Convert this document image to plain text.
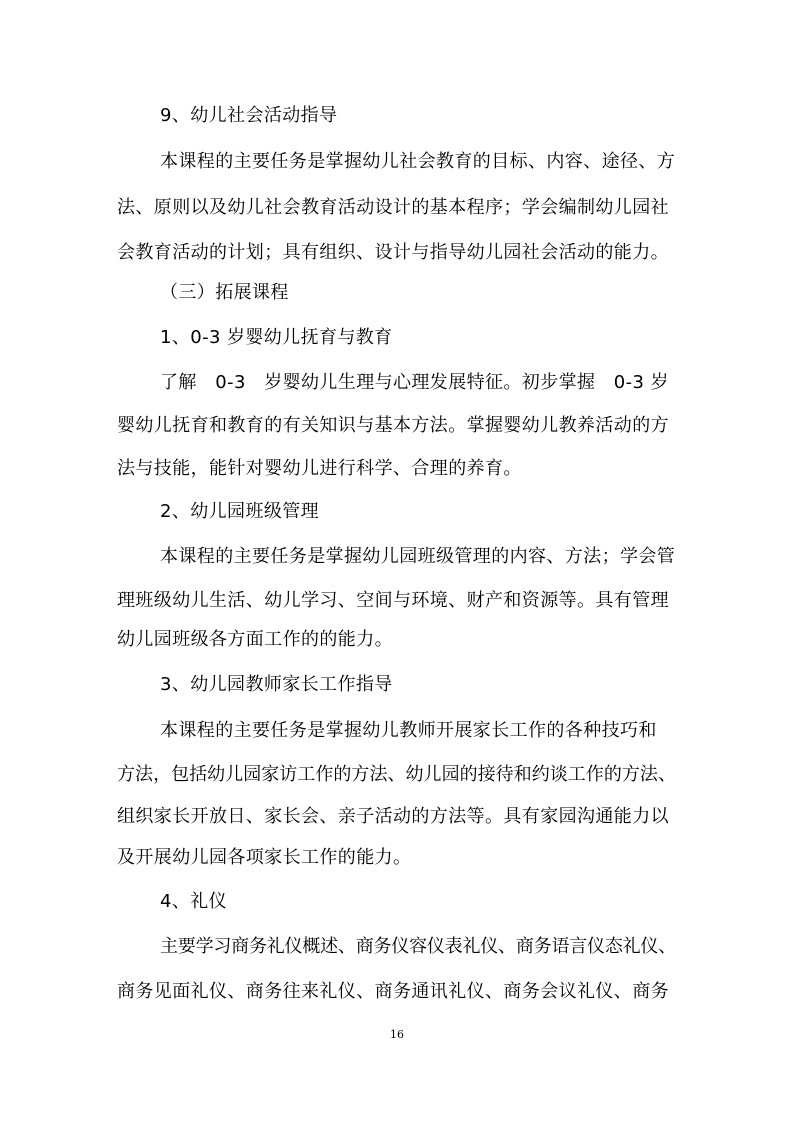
9、幼儿社会活动指导
本课程的主要任务是掌握幼儿社会教育的目标、内容、途径、方
法、原则以及幼儿社会教育活动设计的基本程序；学会编制幼儿园社
会教育活动的计划；具有组织、设计与指导幼儿园社会活动的能力。
（三）拓展课程
1、0-3 岁婴幼儿抚育与教育
了解　0-3　岁婴幼儿生理与心理发展特征。初步掌握　0-3 岁
婴幼儿抚育和教育的有关知识与基本方法。掌握婴幼儿教养活动的方
法与技能，能针对婴幼儿进行科学、合理的养育。
2、幼儿园班级管理
本课程的主要任务是掌握幼儿园班级管理的内容、方法；学会管
理班级幼儿生活、幼儿学习、空间与环境、财产和资源等。具有管理
幼儿园班级各方面工作的的能力。
3、幼儿园教师家长工作指导
本课程的主要任务是掌握幼儿教师开展家长工作的各种技巧和
方法，包括幼儿园家访工作的方法、幼儿园的接待和约谈工作的方法、
组织家长开放日、家长会、亲子活动的方法等。具有家园沟通能力以
及开展幼儿园各项家长工作的能力。
4、礼仪
主要学习商务礼仪概述、商务仪容仪表礼仪、商务语言仪态礼仪、
商务见面礼仪、商务往来礼仪、商务通讯礼仪、商务会议礼仪、商务
16
